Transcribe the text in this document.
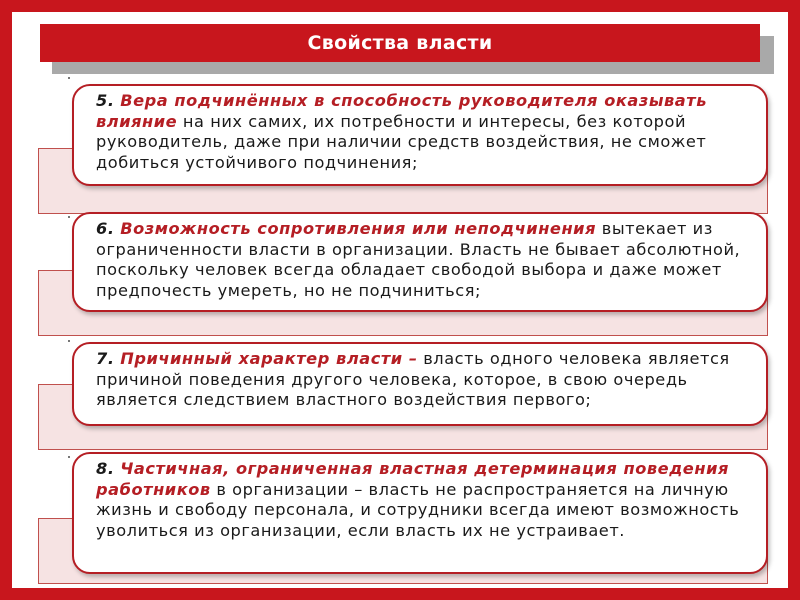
Свойства власти
5. Вера подчинённых в способность руководителя оказывать влияние на них самих, их потребности и интересы, без которой руководитель, даже при наличии средств воздействия, не сможет добиться устойчивого подчинения;
6. Возможность сопротивления или неподчинения вытекает из ограниченности власти в организации. Власть не бывает абсолютной, поскольку человек всегда обладает свободой выбора и даже может предпочесть умереть, но не подчиниться;
7. Причинный характер власти – власть одного человека является причиной поведения другого человека, которое, в свою очередь является следствием властного воздействия первого;
8. Частичная, ограниченная властная детерминация поведения работников в организации – власть не распространяется на личную жизнь и свободу персонала, и сотрудники всегда имеют возможность уволиться из организации, если власть их не устраивает.
